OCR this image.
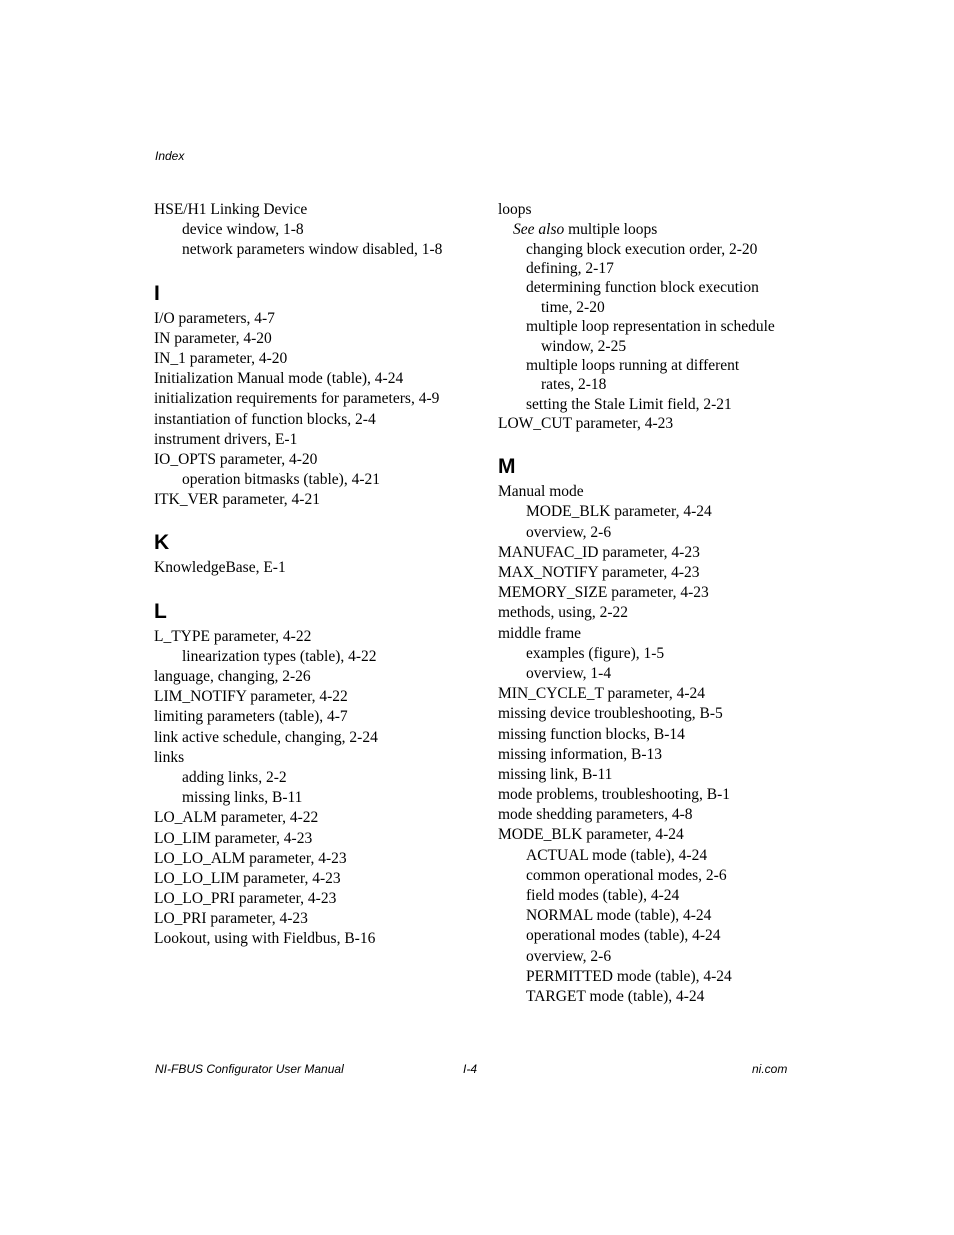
Index
HSE/H1 Linking Device
device window, 1-8
network parameters window disabled, 1-8
I
I/O parameters, 4-7
IN parameter, 4-20
IN_1 parameter, 4-20
Initialization Manual mode (table), 4-24
initialization requirements for parameters, 4-9
instantiation of function blocks, 2-4
instrument drivers, E-1
IO_OPTS parameter, 4-20
operation bitmasks (table), 4-21
ITK_VER parameter, 4-21
K
KnowledgeBase, E-1
L
L_TYPE parameter, 4-22
linearization types (table), 4-22
language, changing, 2-26
LIM_NOTIFY parameter, 4-22
limiting parameters (table), 4-7
link active schedule, changing, 2-24
links
adding links, 2-2
missing links, B-11
LO_ALM parameter, 4-22
LO_LIM parameter, 4-23
LO_LO_ALM parameter, 4-23
LO_LO_LIM parameter, 4-23
LO_LO_PRI parameter, 4-23
LO_PRI parameter, 4-23
Lookout, using with Fieldbus, B-16
loops
See also multiple loops
changing block execution order, 2-20
defining, 2-17
determining function block execution
time, 2-20
multiple loop representation in schedule
window, 2-25
multiple loops running at different
rates, 2-18
setting the Stale Limit field, 2-21
LOW_CUT parameter, 4-23
M
Manual mode
MODE_BLK parameter, 4-24
overview, 2-6
MANUFAC_ID parameter, 4-23
MAX_NOTIFY parameter, 4-23
MEMORY_SIZE parameter, 4-23
methods, using, 2-22
middle frame
examples (figure), 1-5
overview, 1-4
MIN_CYCLE_T parameter, 4-24
missing device troubleshooting, B-5
missing function blocks, B-14
missing information, B-13
missing link, B-11
mode problems, troubleshooting, B-1
mode shedding parameters, 4-8
MODE_BLK parameter, 4-24
ACTUAL mode (table), 4-24
common operational modes, 2-6
field modes (table), 4-24
NORMAL mode (table), 4-24
operational modes (table), 4-24
overview, 2-6
PERMITTED mode (table), 4-24
TARGET mode (table), 4-24
NI-FBUS Configurator User Manual	I-4	ni.com
